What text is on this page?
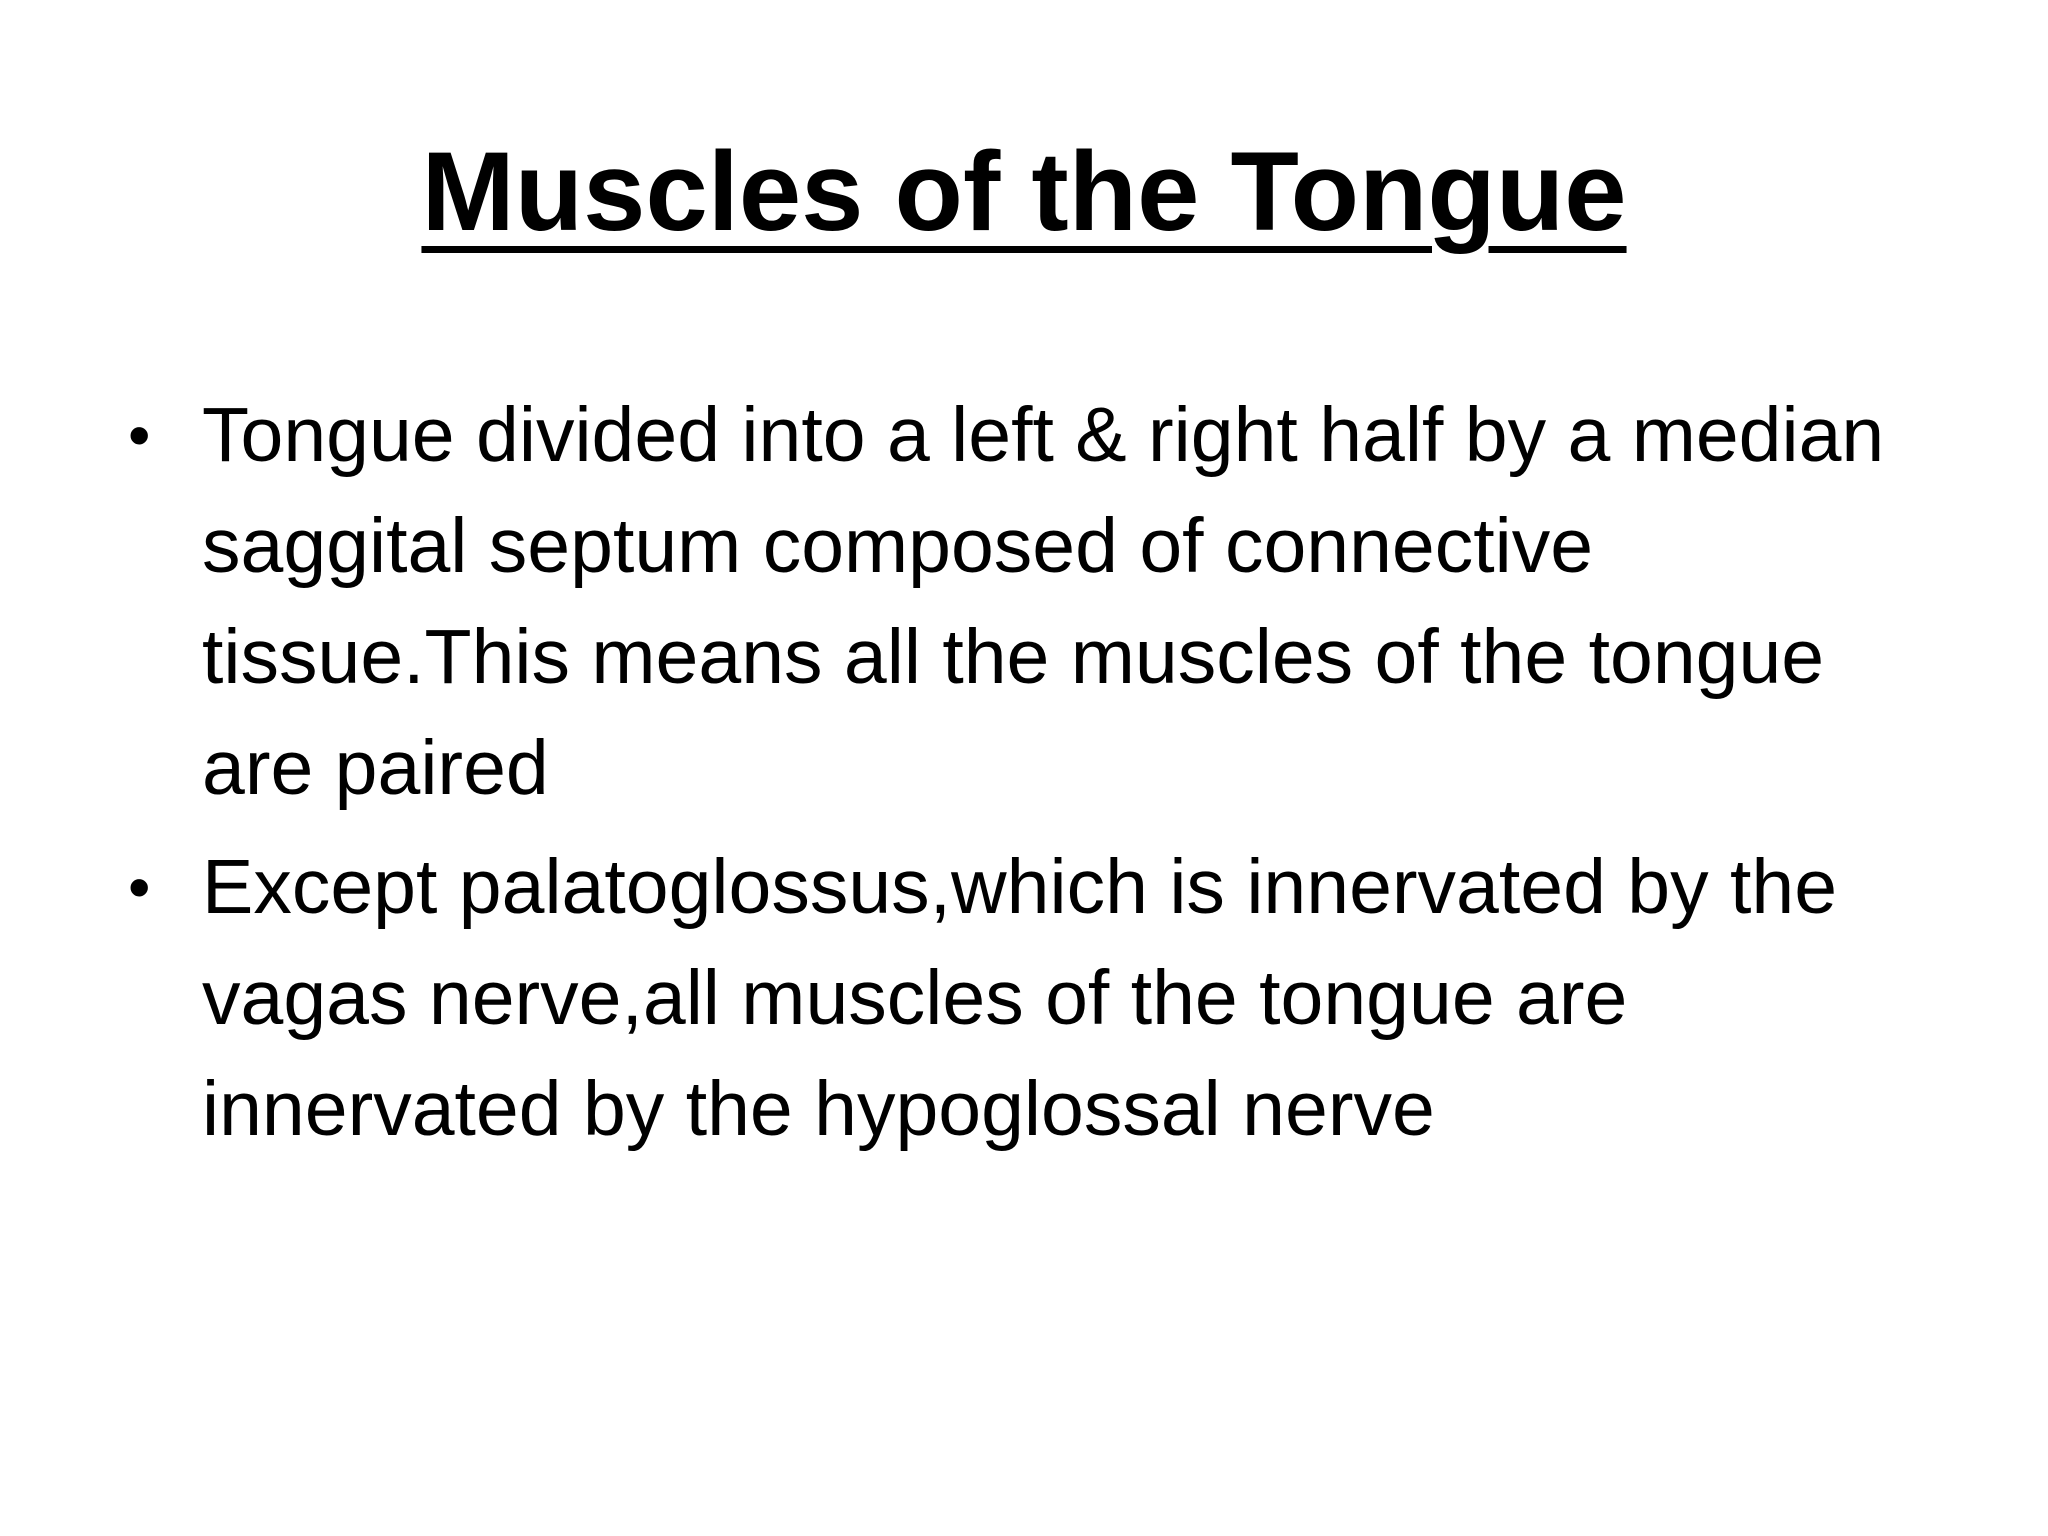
Muscles of the Tongue
• Tongue divided into a left & right half by a median saggital septum composed of connective tissue.This means all the muscles of the tongue are paired
• Except palatoglossus,which is innervated by the vagas nerve,all muscles of the tongue are innervated by the hypoglossal nerve
